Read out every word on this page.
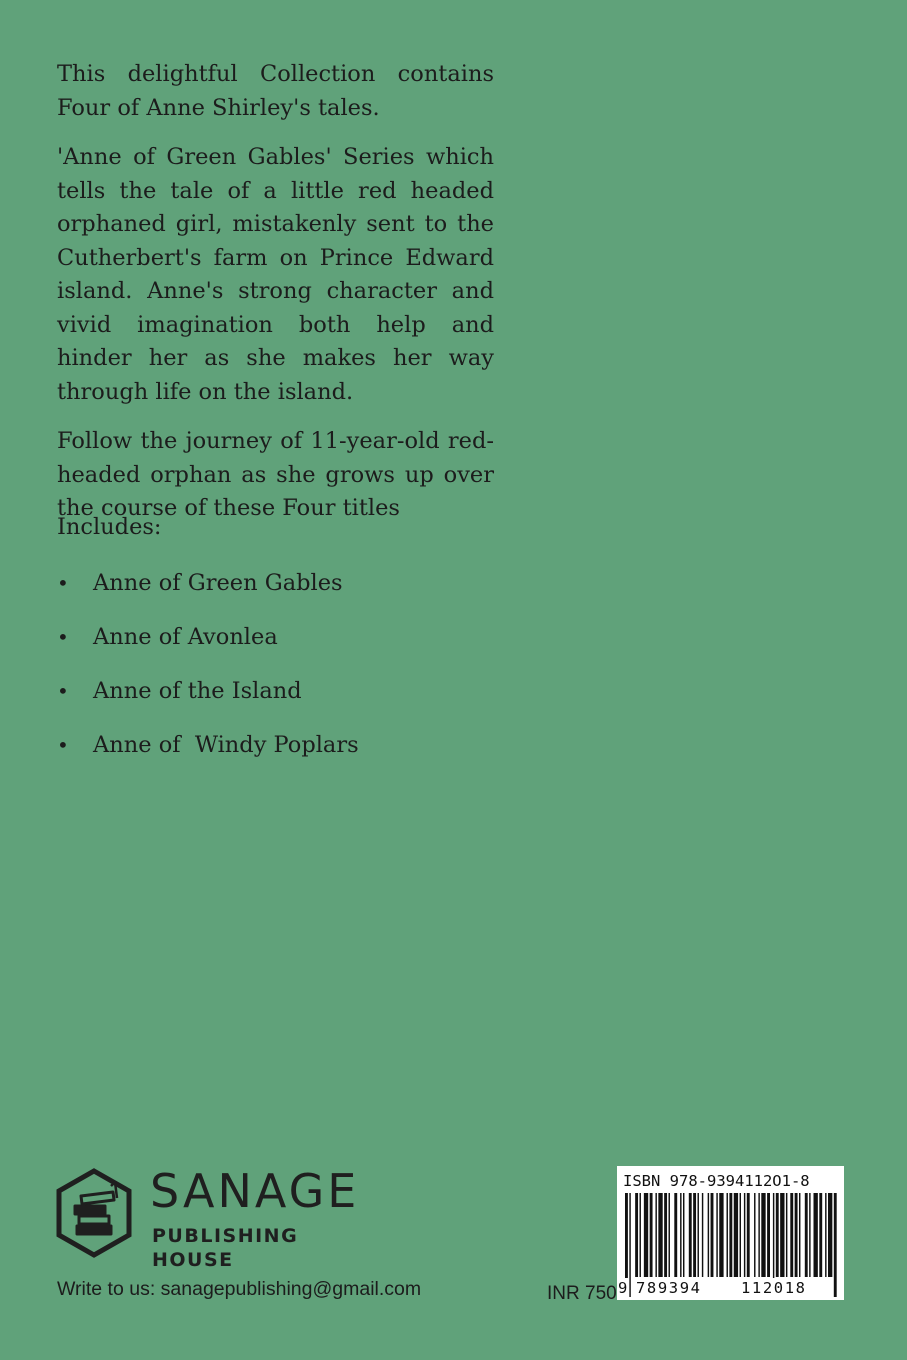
This delightful Collection contains Four of Anne Shirley's tales.

'Anne of Green Gables' Series which tells the tale of a little red headed orphaned girl, mistakenly sent to the Cutherbert's farm on Prince Edward island. Anne's strong character and vivid imagination both help and hinder her as she makes her way through life on the island.

Follow the journey of 11-year-old red-headed orphan as she grows up over the course of these Four titles

Includes:

•	Anne of Green Gables
•	Anne of Avonlea
•	Anne of the Island
•	Anne of  Windy Poplars
SANAGE
PUBLISHING HOUSE
Write to us: sanagepublishing@gmail.com	INR 750
ISBN 978-9394112O1-8
9 789394	112018
